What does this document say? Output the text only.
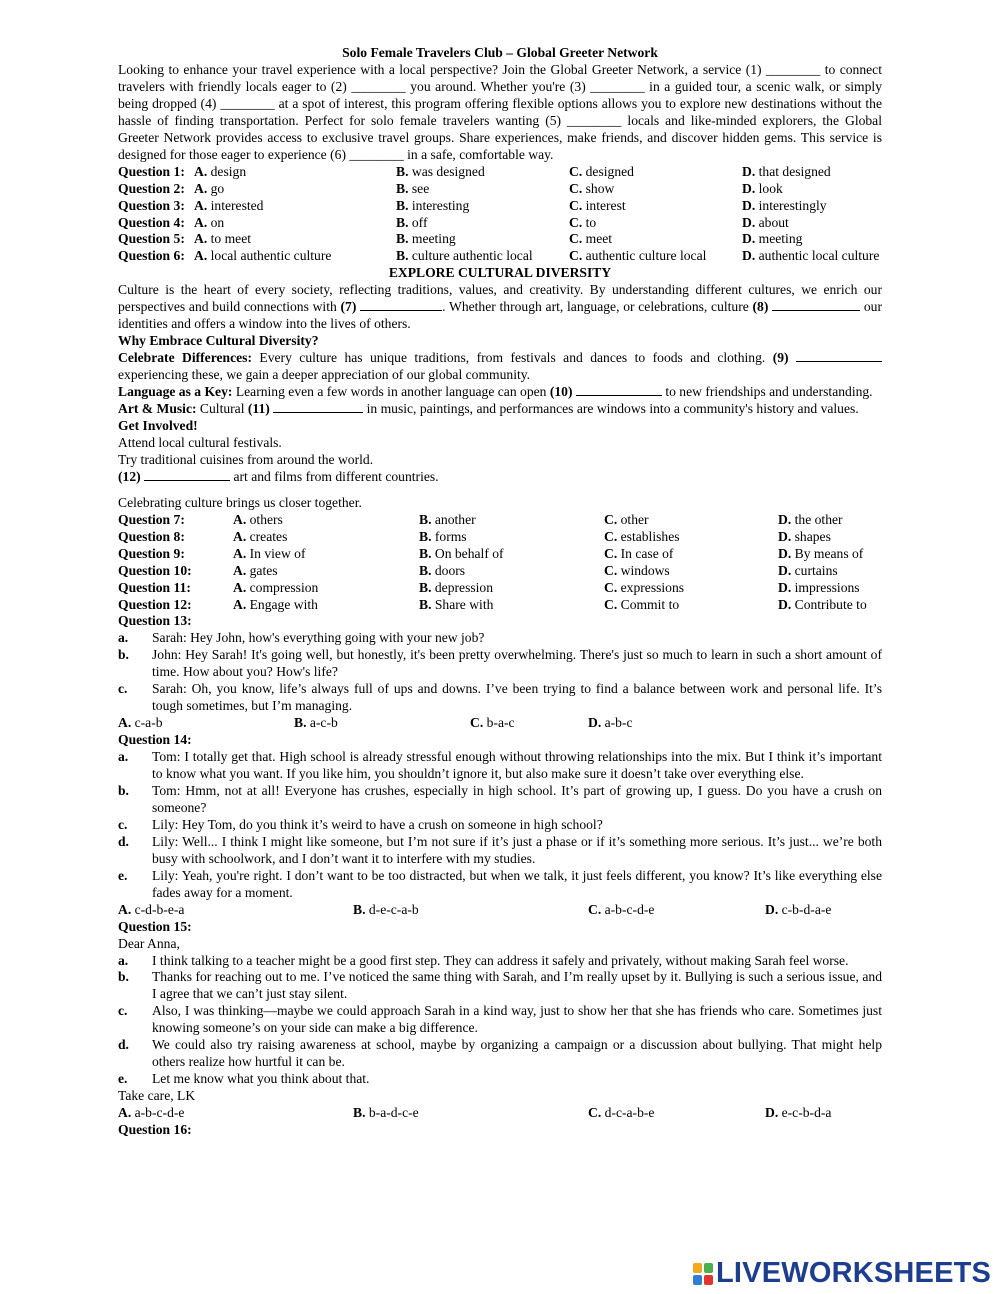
Solo Female Travelers Club – Global Greeter Network
Looking to enhance your travel experience with a local perspective? Join the Global Greeter Network, a service (1) ________ to connect travelers with friendly locals eager to (2) ________ you around. Whether you're (3) ________ in a guided tour, a scenic walk, or simply being dropped (4) ________ at a spot of interest, this program offering flexible options allows you to explore new destinations without the hassle of finding transportation. Perfect for solo female travelers wanting (5) ________ locals and like-minded explorers, the Global Greeter Network provides access to exclusive travel groups. Share experiences, make friends, and discover hidden gems. This service is designed for those eager to experience (6) ________ in a safe, comfortable way.
Question 1: A. design	B. was designed	C. designed	D. that designed
Question 2: A. go	B. see	C. show	D. look
Question 3: A. interested	B. interesting	C. interest	D. interestingly
Question 4: A. on	B. off	C. to	D. about
Question 5: A. to meet	B. meeting	C. meet	D. meeting
Question 6: A. local authentic culture	B. culture authentic local	C. authentic culture local	D. authentic local culture
EXPLORE CULTURAL DIVERSITY
Culture is the heart of every society, reflecting traditions, values, and creativity. By understanding different cultures, we enrich our perspectives and build connections with (7)	. Whether through art, language, or celebrations, culture (8)	our identities and offers a window into the lives of others.
Why Embrace Cultural Diversity?
Celebrate Differences: Every culture has unique traditions, from festivals and dances to foods and clothing. (9)  experiencing these, we gain a deeper appreciation of our global community.
Language as a Key: Learning even a few words in another language can open (10)	to new friendships and understanding.
Art & Music: Cultural (11)	in music, paintings, and performances are windows into a community's history and values.
Get Involved!
Attend local cultural festivals.
Try traditional cuisines from around the world.
(12)	art and films from different countries.
Celebrating culture brings us closer together.
Question 7:	A. others	B. another	C. other	D. the other
Question 8:	A. creates	B. forms	C. establishes	D. shapes
Question 9:	A. In view of	B. On behalf of	C. In case of	D. By means of
Question 10:	A. gates	B. doors	C. windows	D. curtains
Question 11:	A. compression	B. depression	C. expressions	D. impressions
Question 12:	A. Engage with	B. Share with	C. Commit to	D. Contribute to
Question 13:
a.	Sarah: Hey John, how's everything going with your new job?
b.	John: Hey Sarah! It's going well, but honestly, it's been pretty overwhelming. There's just so much to learn in such a short amount of time. How about you? How's life?
c.	Sarah: Oh, you know, life’s always full of ups and downs. I’ve been trying to find a balance between work and personal life. It’s tough sometimes, but I’m managing.
A. c-a-b	B. a-c-b	C. b-a-c	D. a-b-c
Question 14:
a.	Tom: I totally get that. High school is already stressful enough without throwing relationships into the mix. But I think it’s important to know what you want. If you like him, you shouldn’t ignore it, but also make sure it doesn’t take over everything else.
b.	Tom: Hmm, not at all! Everyone has crushes, especially in high school. It’s part of growing up, I guess. Do you have a crush on someone?
c.	Lily: Hey Tom, do you think it’s weird to have a crush on someone in high school?
d.	Lily: Well... I think I might like someone, but I’m not sure if it’s just a phase or if it’s something more serious. It’s just... we’re both busy with schoolwork, and I don’t want it to interfere with my studies.
e.	Lily: Yeah, you're right. I don’t want to be too distracted, but when we talk, it just feels different, you know? It’s like everything else fades away for a moment.
A. c-d-b-e-a	B. d-e-c-a-b	C. a-b-c-d-e	D. c-b-d-a-e
Question 15:
Dear Anna,
a.	I think talking to a teacher might be a good first step. They can address it safely and privately, without making Sarah feel worse.
b.	Thanks for reaching out to me. I’ve noticed the same thing with Sarah, and I’m really upset by it. Bullying is such a serious issue, and I agree that we can’t just stay silent.
c.	Also, I was thinking—maybe we could approach Sarah in a kind way, just to show her that she has friends who care. Sometimes just knowing someone’s on your side can make a big difference.
d.	We could also try raising awareness at school, maybe by organizing a campaign or a discussion about bullying. That might help others realize how hurtful it can be.
e.	Let me know what you think about that.
Take care, LK
A. a-b-c-d-e	B. b-a-d-c-e	C. d-c-a-b-e	D. e-c-b-d-a
Question 16:
LIVEWORKSHEETS
